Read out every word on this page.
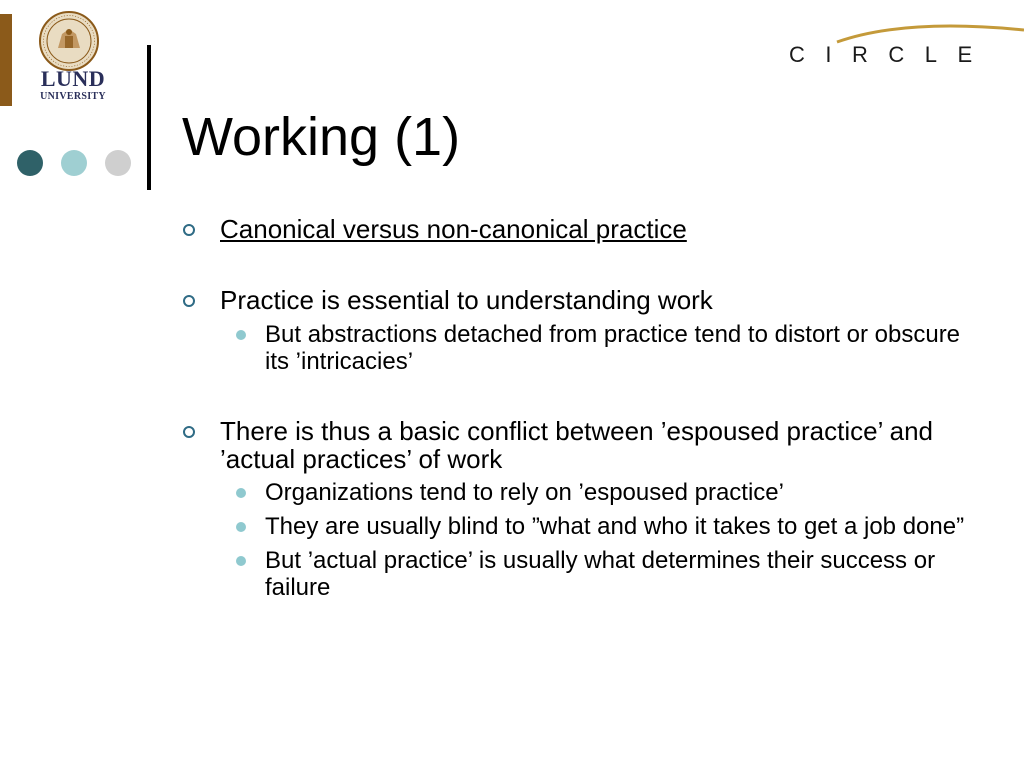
LUND
UNIVERSITY
CIRCLE
Working (1)
Canonical versus non-canonical practice
Practice is essential to understanding work
But abstractions detached from practice tend to distort or obscure its ’intricacies’
There is thus a basic conflict between ’espoused practice’ and ’actual practices’ of work
Organizations tend to rely on ’espoused practice’
They are usually blind to ”what and who it takes to get a job done”
But ’actual practice’ is usually what determines their success or failure
